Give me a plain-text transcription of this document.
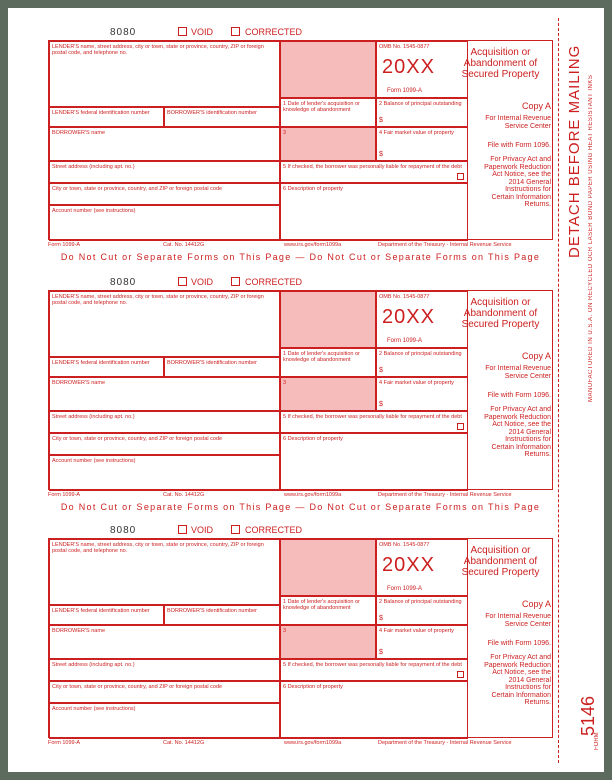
8080	VOID	CORRECTED
LENDER'S name, street address, city or town, state or province, country, ZIP or foreign postal code, and telephone no.
OMB No. 1545-0877
20XX
Form 1099-A
Acquisition or Abandonment of Secured Property
1 Date of lender's acquisition or knowledge of abandonment
2 Balance of principal outstanding
$
LENDER'S federal identification number	BORROWER'S identification number
BORROWER'S name	3	4 Fair market value of property
$
Street address (including apt. no.)	5 If checked, the borrower was personally liable for repayment of the debt
City or town, state or province, country, and ZIP or foreign postal code	6 Description of property
Account number (see instructions)
Copy A
For Internal Revenue Service Center
File with Form 1096.
For Privacy Act and Paperwork Reduction Act Notice, see the 2014 General Instructions for Certain Information Returns.
Form 1099-A	Cat. No. 14412G	www.irs.gov/form1099a	Department of the Treasury - Internal Revenue Service
Do Not Cut or Separate Forms on This Page — Do Not Cut or Separate Forms on This Page
8080	VOID	CORRECTED
LENDER'S name, street address, city or town, state or province, country, ZIP or foreign postal code, and telephone no.
OMB No. 1545-0877
20XX
Form 1099-A
Acquisition or Abandonment of Secured Property
1 Date of lender's acquisition or knowledge of abandonment
2 Balance of principal outstanding
$
LENDER'S federal identification number	BORROWER'S identification number
BORROWER'S name	3	4 Fair market value of property
$
Street address (including apt. no.)	5 If checked, the borrower was personally liable for repayment of the debt
City or town, state or province, country, and ZIP or foreign postal code	6 Description of property
Account number (see instructions)
Copy A
For Internal Revenue Service Center
File with Form 1096.
For Privacy Act and Paperwork Reduction Act Notice, see the 2014 General Instructions for Certain Information Returns.
Form 1099-A	Cat. No. 14412G	www.irs.gov/form1099a	Department of the Treasury - Internal Revenue Service
Do Not Cut or Separate Forms on This Page — Do Not Cut or Separate Forms on This Page
8080	VOID	CORRECTED
LENDER'S name, street address, city or town, state or province, country, ZIP or foreign postal code, and telephone no.
OMB No. 1545-0877
20XX
Form 1099-A
Acquisition or Abandonment of Secured Property
1 Date of lender's acquisition or knowledge of abandonment
2 Balance of principal outstanding
$
LENDER'S federal identification number	BORROWER'S identification number
BORROWER'S name	3	4 Fair market value of property
$
Street address (including apt. no.)	5 If checked, the borrower was personally liable for repayment of the debt
City or town, state or province, country, and ZIP or foreign postal code	6 Description of property
Account number (see instructions)
Copy A
For Internal Revenue Service Center
File with Form 1096.
For Privacy Act and Paperwork Reduction Act Notice, see the 2014 General Instructions for Certain Information Returns.
Form 1099-A	Cat. No. 14412G	www.irs.gov/form1099a	Department of the Treasury - Internal Revenue Service
DETACH BEFORE MAILING MANUFACTURED IN U.S.A. ON RECYCLED OCR LASER BOND PAPER USING HEAT RESISTANT INKS
5146
FORM
